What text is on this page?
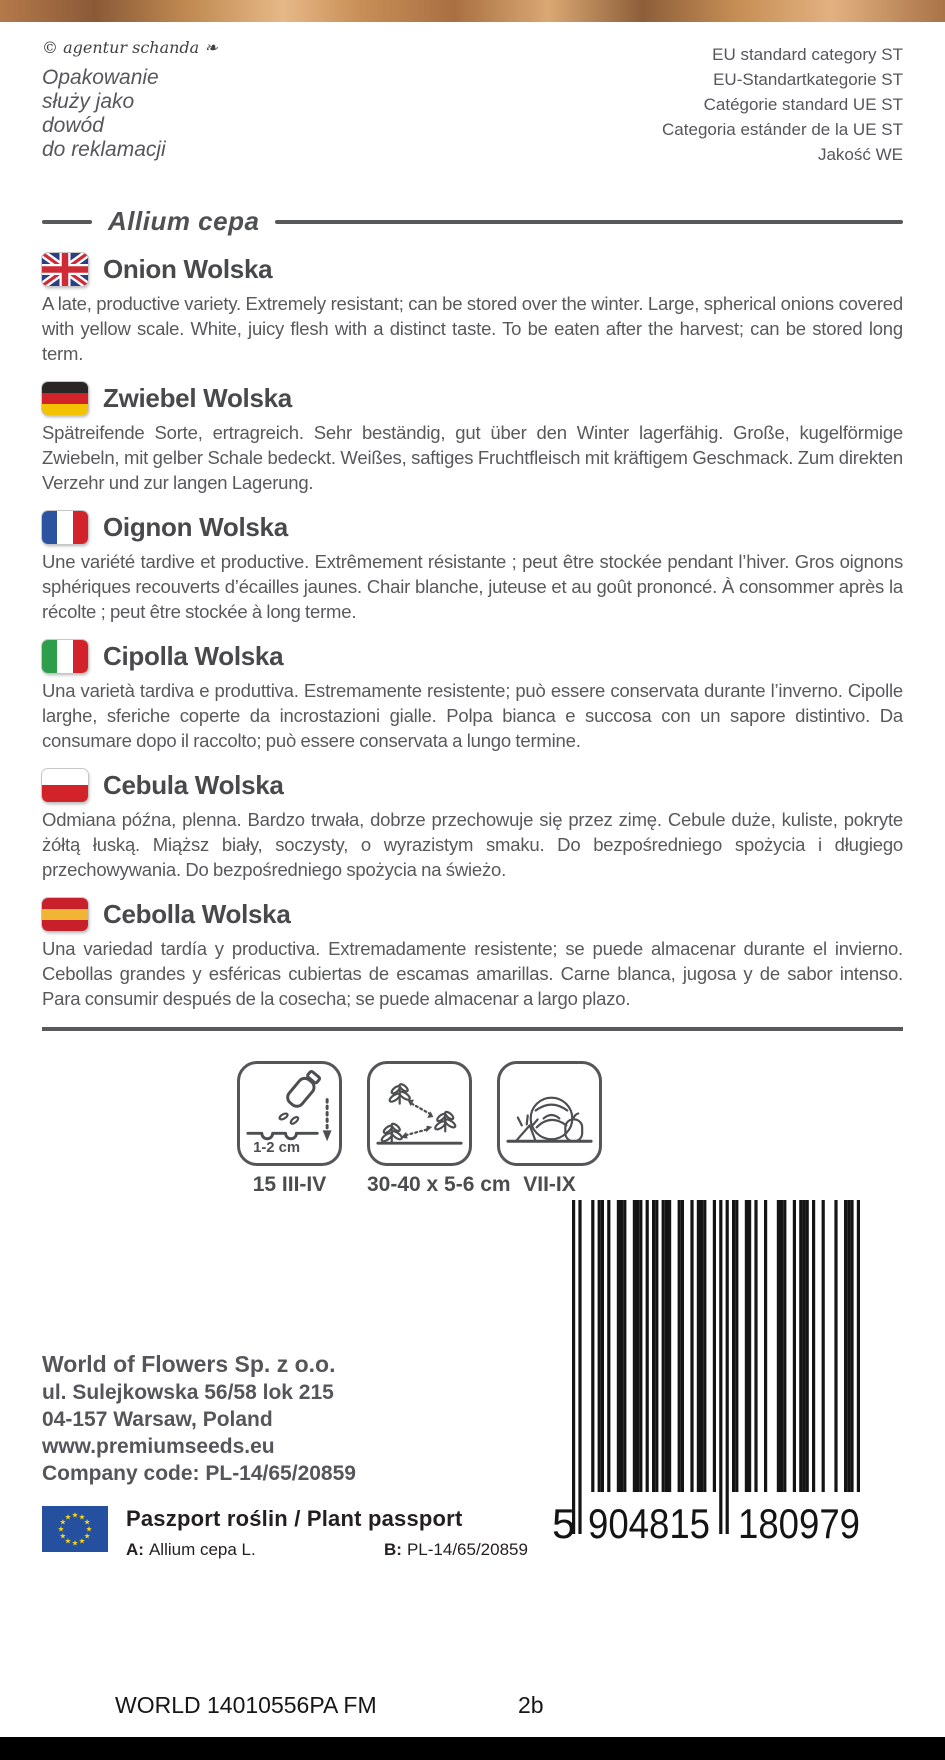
© agentur schanda ❧
Opakowanie
służy jako
dowód
do reklamacji
EU standard category ST
EU-Standartkategorie ST
Catégorie standard UE ST
Categoria estánder de la UE ST
Jakość WE
Allium cepa
Onion Wolska
A late, productive variety. Extremely resistant; can be stored over the winter. Large, spherical onions covered with yellow scale. White, juicy flesh with a distinct taste. To be eaten after the harvest; can be stored long term.
Zwiebel Wolska
Spätreifende Sorte, ertragreich. Sehr beständig, gut über den Winter lagerfähig. Große, kugelförmige Zwiebeln, mit gelber Schale bedeckt. Weißes, saftiges Fruchtfleisch mit kräftigem Geschmack. Zum direkten Verzehr und zur langen Lagerung.
Oignon Wolska
Une variété tardive et productive. Extrêmement résistante ; peut être stockée pendant l’hiver. Gros oignons sphériques recouverts d’écailles jaunes. Chair blanche, juteuse et au goût prononcé. À consommer après la récolte ; peut être stockée à long terme.
Cipolla Wolska
Una varietà tardiva e produttiva. Estremamente resistente; può essere conservata durante l’inverno. Cipolle larghe, sferiche coperte da incrostazioni gialle. Polpa bianca e succosa con un sapore distintivo. Da consumare dopo il raccolto; può essere conservata a lungo termine.
Cebula Wolska
Odmiana późna, plenna. Bardzo trwała, dobrze przechowuje się przez zimę. Cebule duże, kuliste, pokryte żółtą łuską. Miąższ biały, soczysty, o wyrazistym smaku. Do bezpośredniego spożycia i długiego przechowywania. Do bezpośredniego spożycia na świeżo.
Cebolla Wolska
Una variedad tardía y productiva. Extremadamente resistente; se puede almacenar durante el invierno. Cebollas grandes y esféricas cubiertas de escamas amarillas. Carne blanca, jugosa y de sabor intenso. Para consumir después de la cosecha; se puede almacenar a largo plazo.
1-2 cm
15 III-IV	30-40 x 5-6 cm VII-IX
World of Flowers Sp. z o.o.
ul. Sulejkowska 56/58 lok 215
04-157 Warsaw, Poland
www.premiumseeds.eu
Company code: PL-14/65/20859
★
★
★
★
★
★
★
★
★ ★ ★
★ Paszport roślin / Plant passport
A: Allium cepa L.	B: PL-14/65/20859
5 904815 180979
WORLD 14010556PA FM	2b
